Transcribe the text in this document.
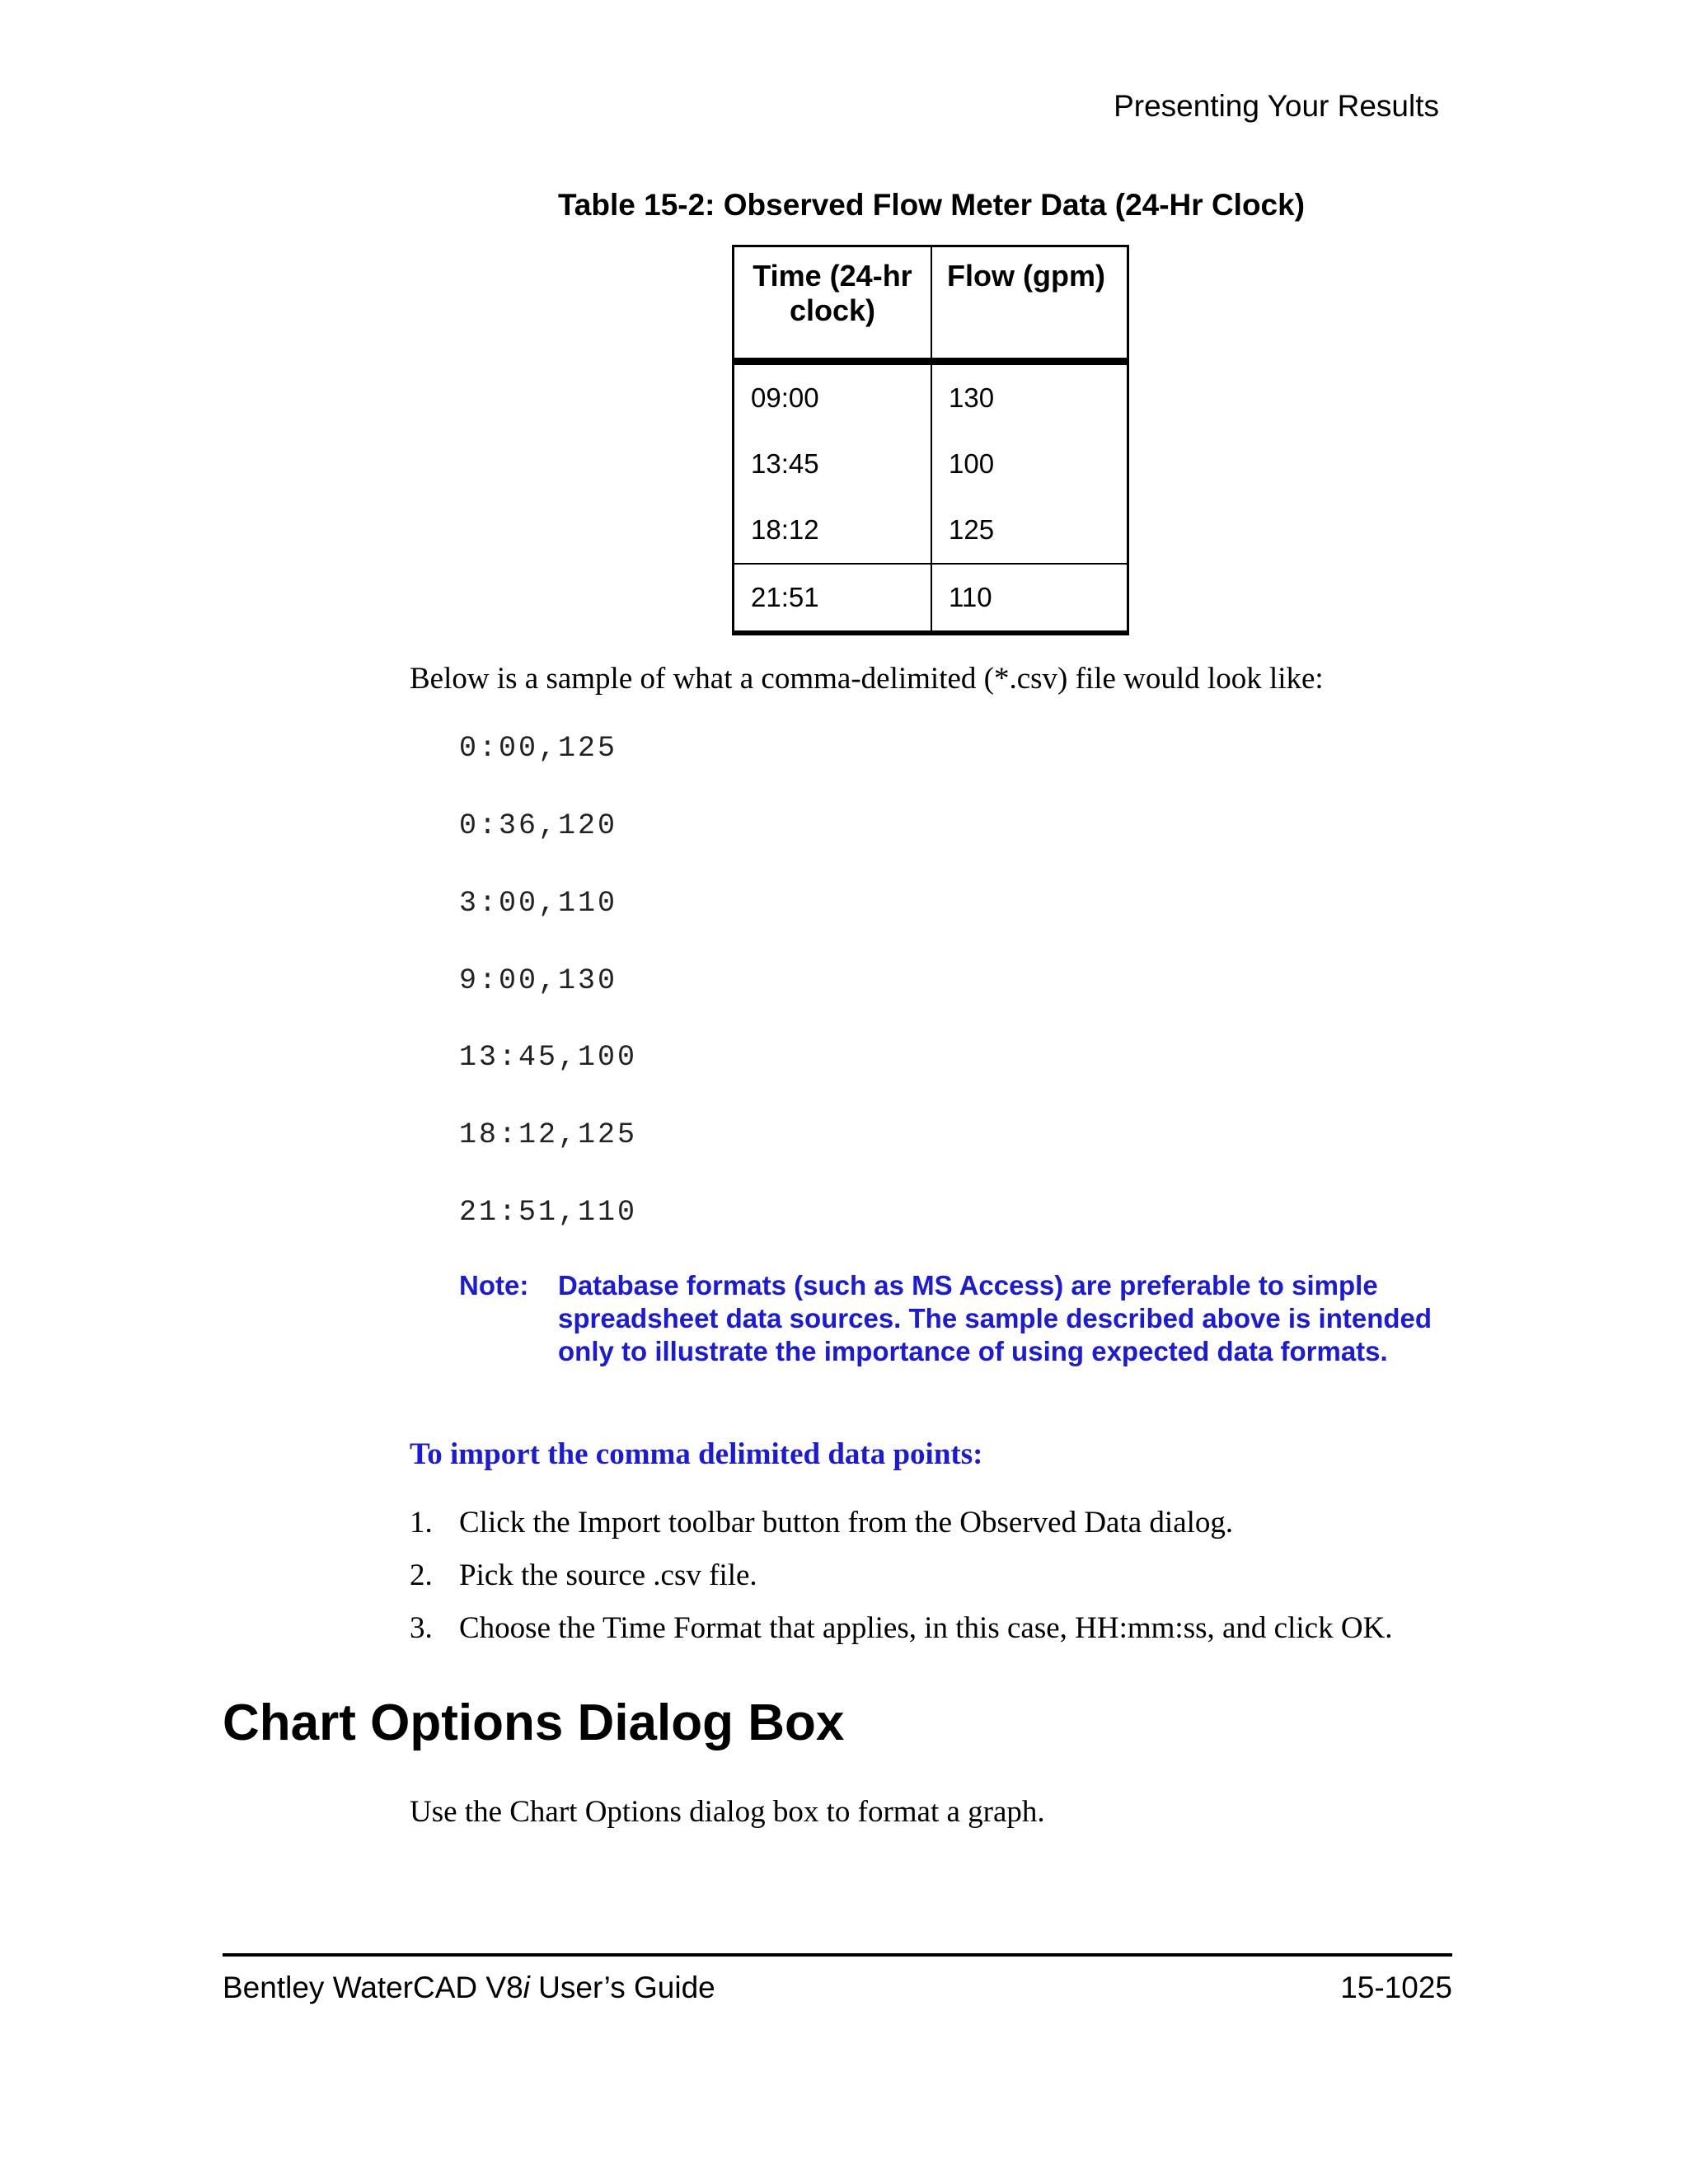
Presenting Your Results
Table 15-2: Observed Flow Meter Data (24-Hr Clock)
Time (24-hr clock)	Flow (gpm)
09:00	130
13:45	100
18:12	125
21:51	110
Below is a sample of what a comma-delimited (*.csv) file would look like:
0:00,125
0:36,120
3:00,110
9:00,130
13:45,100
18:12,125
21:51,110
Note:	Database formats (such as MS Access) are preferable to simple spreadsheet data sources. The sample described above is intended only to illustrate the importance of using expected data formats.
To import the comma delimited data points:
1. Click the Import toolbar button from the Observed Data dialog.
2. Pick the source .csv file.
3. Choose the Time Format that applies, in this case, HH:mm:ss, and click OK.
Chart Options Dialog Box
Use the Chart Options dialog box to format a graph.
Bentley WaterCAD V8i User’s Guide	15-1025
